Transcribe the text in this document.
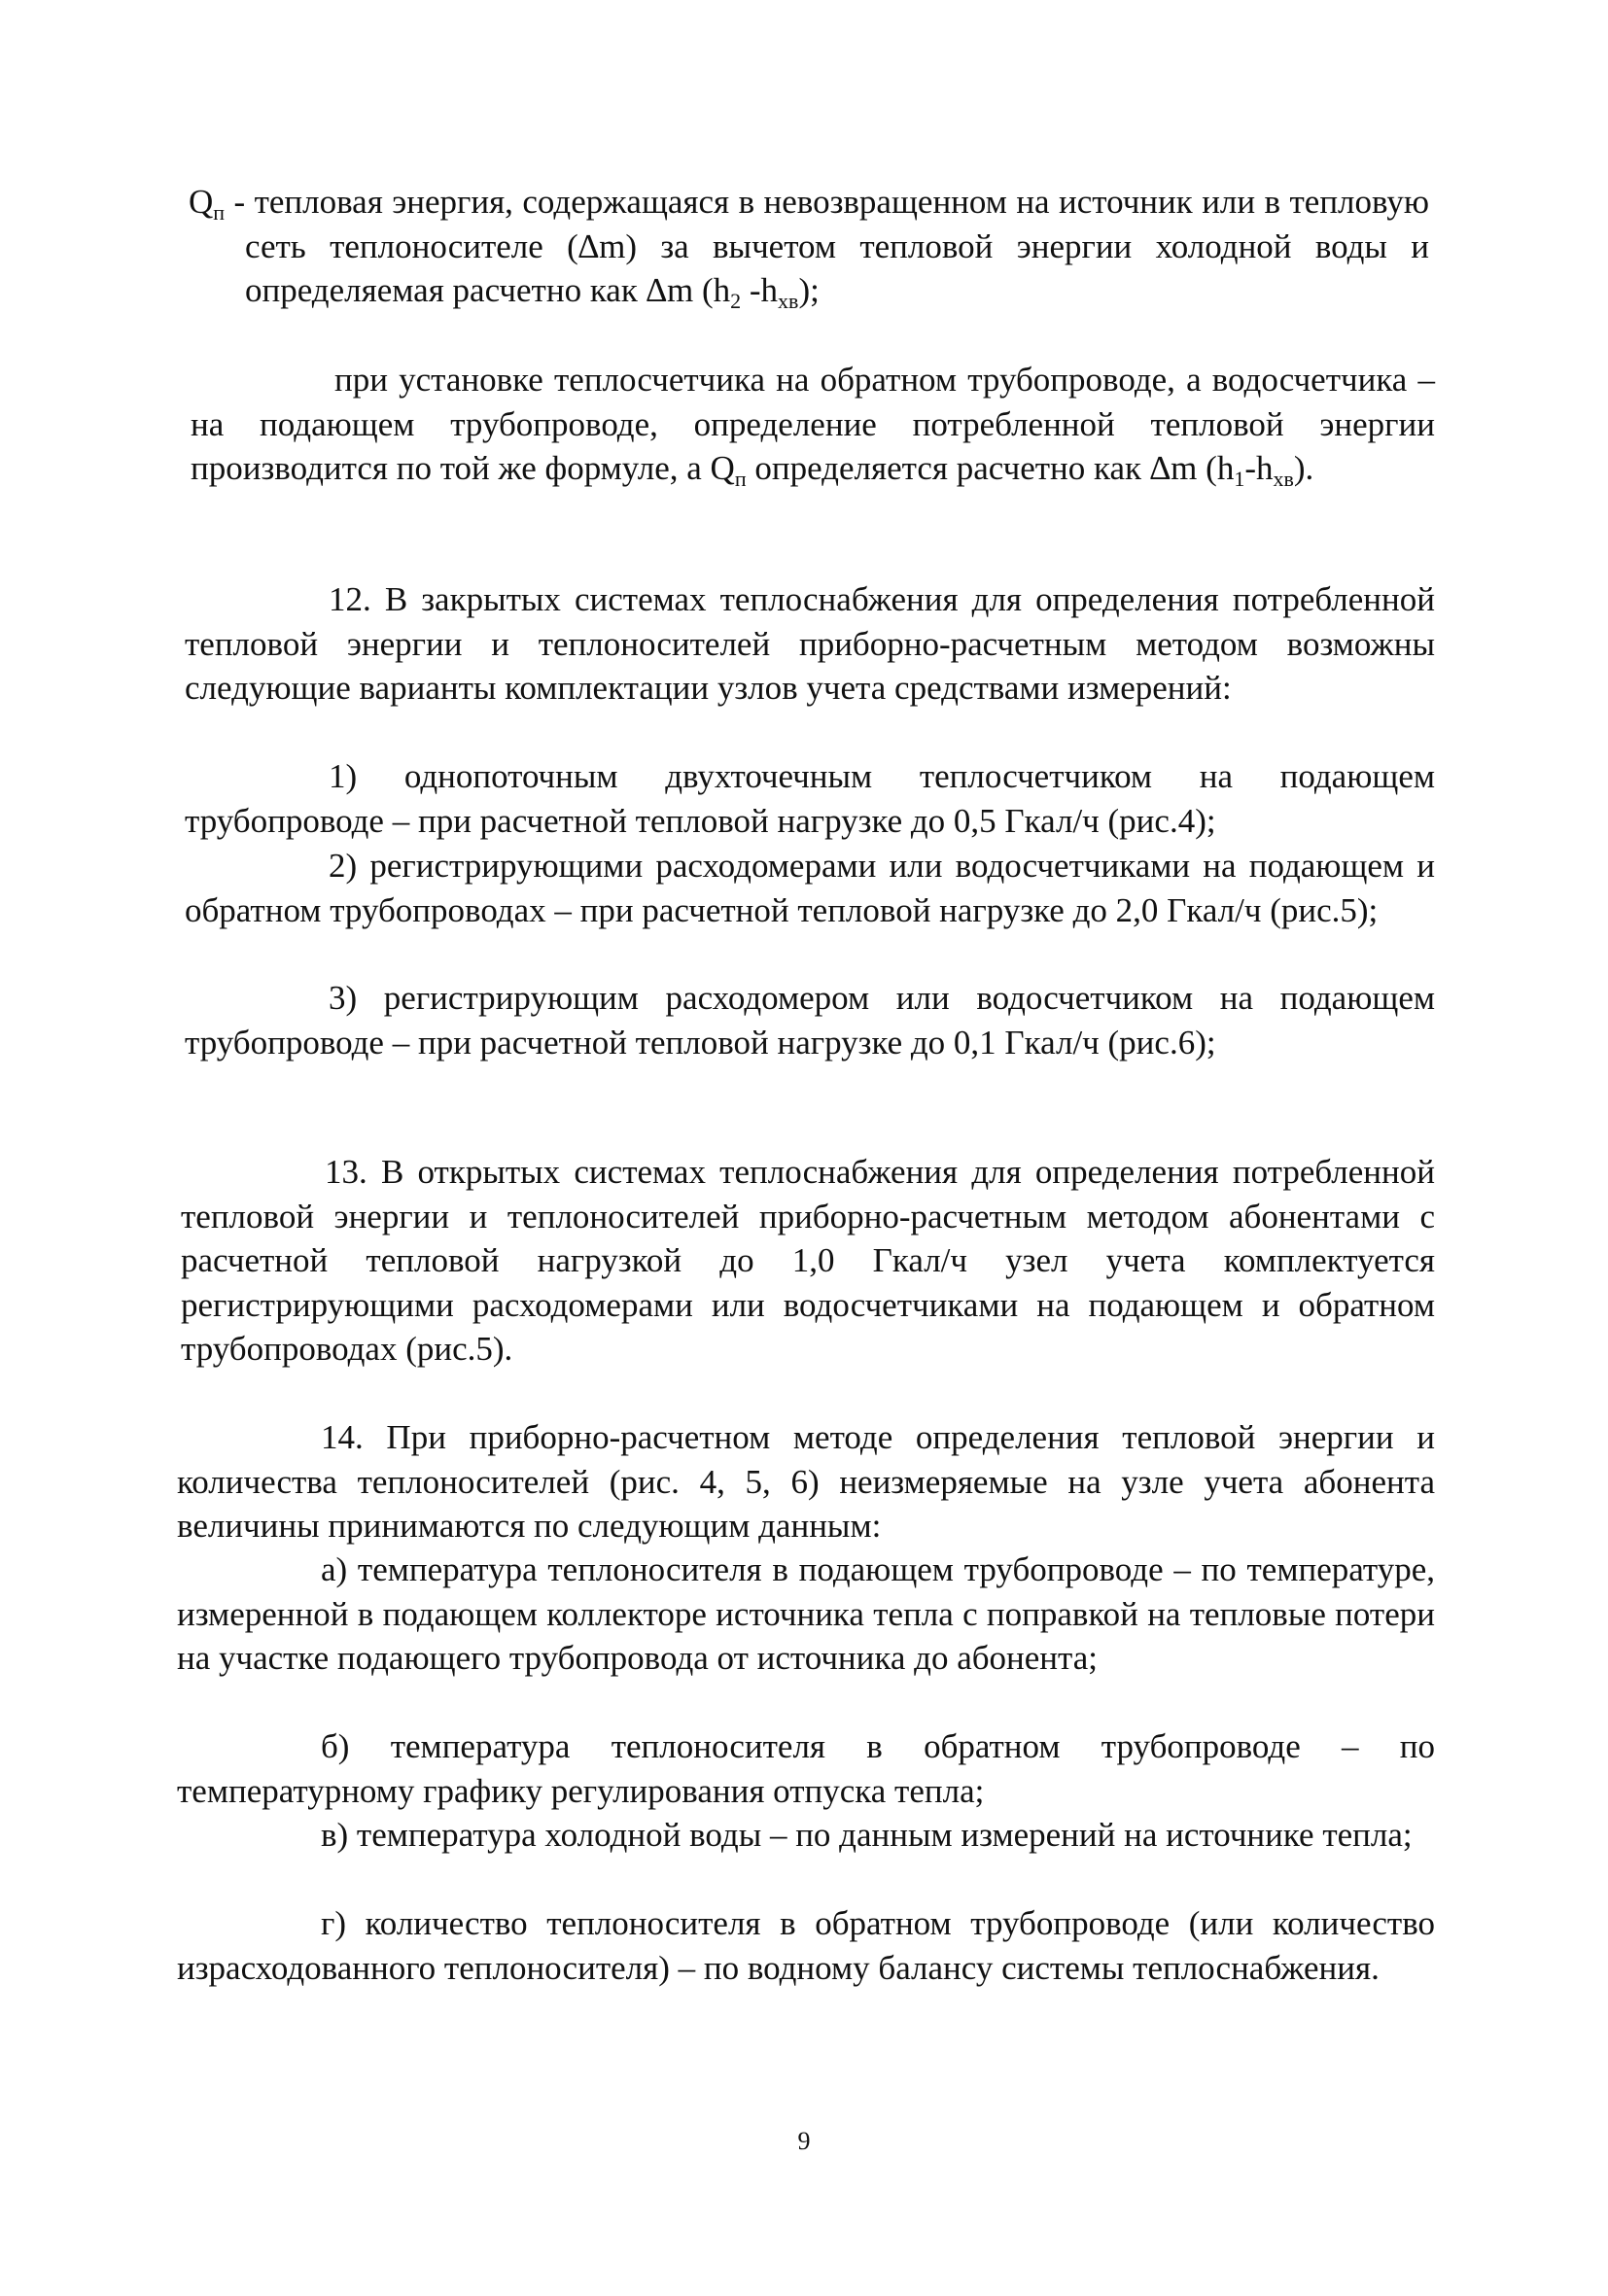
$Q_п$ - тепловая энергия, содержащаяся в невозвращенном на источник или в тепловую сеть теплоносителе (∆m) за вычетом тепловой энергии холодной воды и определяемая расчетно как ∆m ($h_2$ $-h_{хв}$);

при установке теплосчетчика на обратном трубопроводе, а водосчетчика – на подающем трубопроводе, определение потребленной тепловой энергии производится по той же формуле, а $Q_п$ определяется расчетно как ∆m $(h_1-h_{хв})$.

12. В закрытых системах теплоснабжения для определения потребленной тепловой энергии и теплоносителей приборно-расчетным методом возможны следующие варианты комплектации узлов учета средствами измерений:

1) однопоточным двухточечным теплосчетчиком на подающем трубопроводе – при расчетной тепловой нагрузке до 0,5 Гкал/ч (рис.4);

2) регистрирующими расходомерами или водосчетчиками на подающем и обратном трубопроводах – при расчетной тепловой нагрузке до 2,0 Гкал/ч (рис.5);

3) регистрирующим расходомером или водосчетчиком на подающем трубопроводе – при расчетной тепловой нагрузке до 0,1 Гкал/ч (рис.6);

13. В открытых системах теплоснабжения для определения потребленной тепловой энергии и теплоносителей приборно-расчетным методом абонентами с расчетной тепловой нагрузкой до 1,0 Гкал/ч узел учета комплектуется регистрирующими расходомерами или водосчетчиками на подающем и обратном трубопроводах (рис.5).

14. При приборно-расчетном методе определения тепловой энергии и количества теплоносителей (рис. 4, 5, 6) неизмеряемые на узле учета абонента величины принимаются по следующим данным:

а) температура теплоносителя в подающем трубопроводе – по температуре, измеренной в подающем коллекторе источника тепла с поправкой на тепловые потери на участке подающего трубопровода от источника до абонента;

б) температура теплоносителя в обратном трубопроводе – по температурному графику регулирования отпуска тепла;

в) температура холодной воды – по данным измерений на источнике тепла;

г) количество теплоносителя в обратном трубопроводе (или количество израсходованного теплоносителя) – по водному балансу системы теплоснабжения.

9
